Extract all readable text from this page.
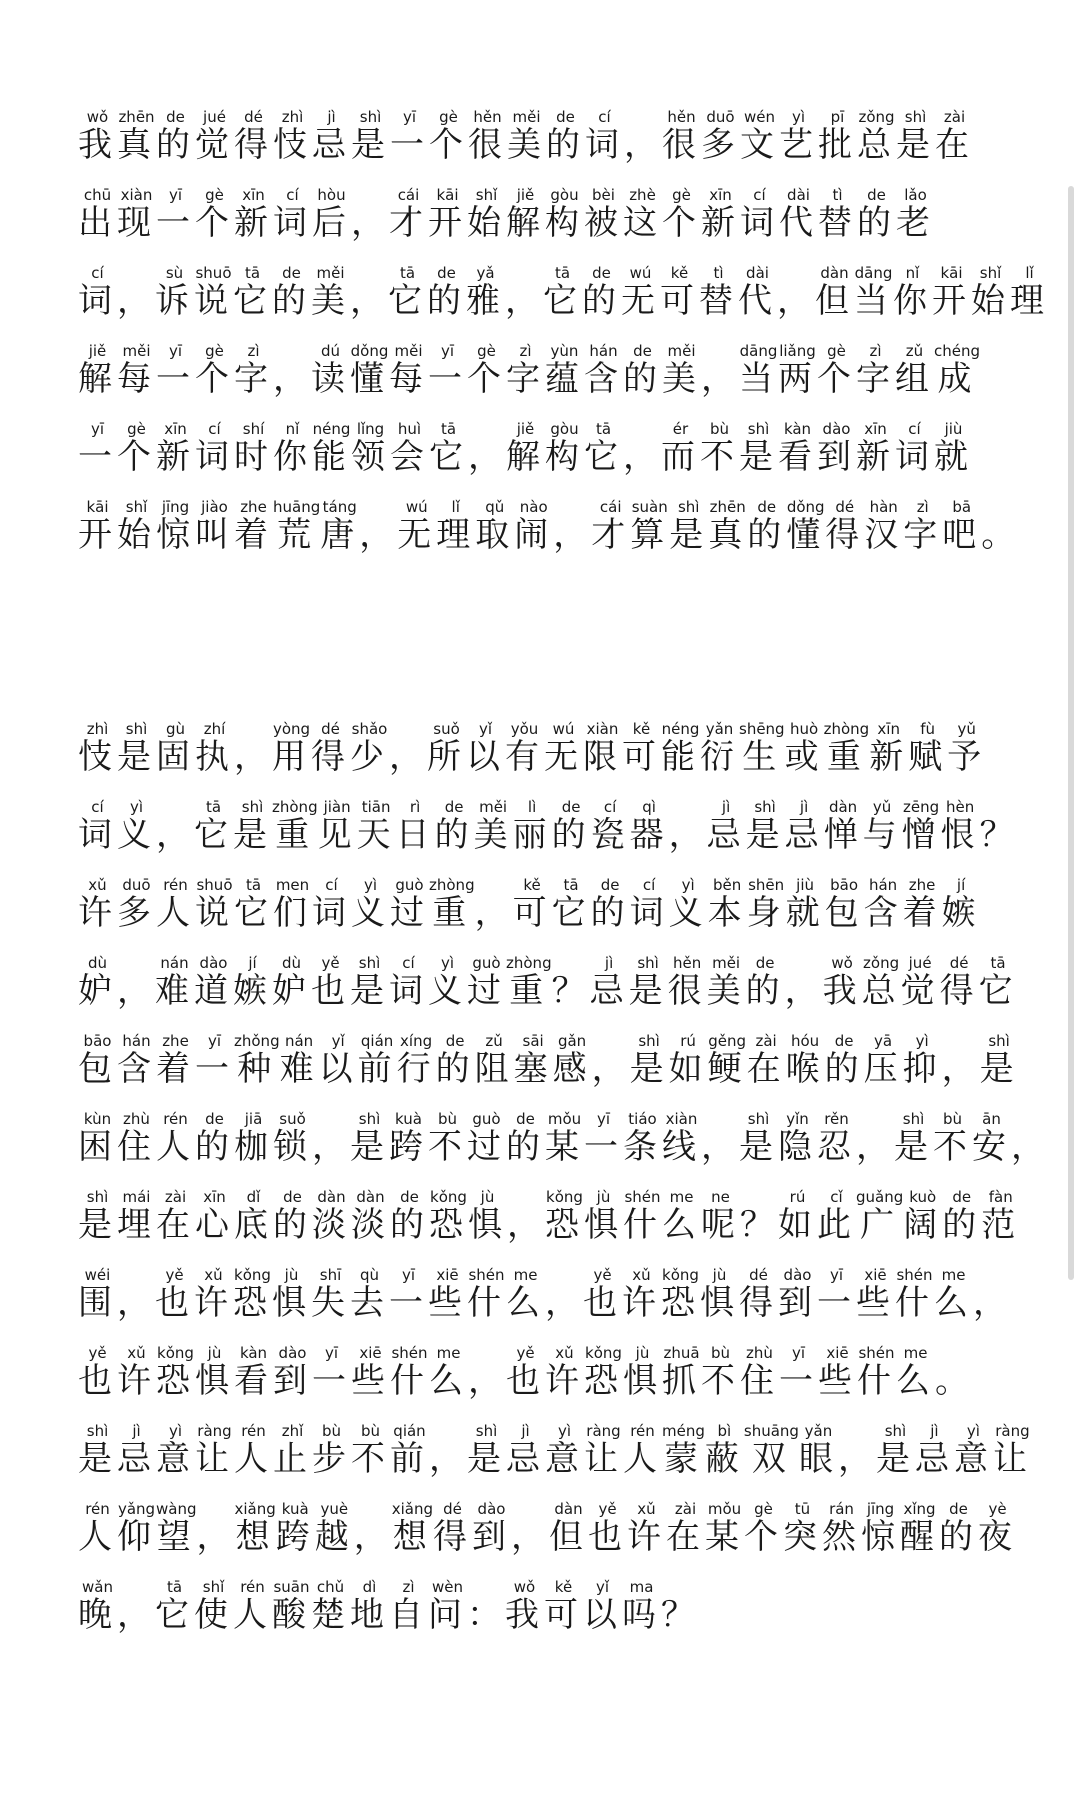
我wǒ真zhēn的de觉jué得dé忮zhì忌jì是shì一yī个gè很hěn美měi的de词cí，很hěn多duō文wén艺yì批pī总zǒng是shì在zài
出chū现xiàn一yī个gè新xīn词cí后hòu，才cái开kāi始shǐ解jiě构gòu被bèi这zhè个gè新xīn词cí代dài替tì的de老lǎo
词cí，诉sù说shuō它tā的de美měi，它tā的de雅yǎ，它tā的de无wú可kě替tì代dài，但dàn当dāng你nǐ开kāi始shǐ理lǐ
解jiě每měi一yī个gè字zì，读dú懂dǒng每měi一yī个gè字zì蕴yùn含hán的de美měi，当dāng两liǎng个gè字zì组zǔ成chéng
一yī个gè新xīn词cí时shí你nǐ能néng领lǐng会huì它tā，解jiě构gòu它tā，而ér不bù是shì看kàn到dào新xīn词cí就jiù
开kāi始shǐ惊jīng叫jiào着zhe荒huāng唐táng，无wú理lǐ取qǔ闹nào，才cái算suàn是shì真zhēn的de懂dǒng得dé汉hàn字zì吧bā。
忮zhì是shì固gù执zhí，用yòng得dé少shǎo，所suǒ以yǐ有yǒu无wú限xiàn可kě能néng衍yǎn生shēng或huò重zhòng新xīn赋fù予yǔ
词cí义yì，它tā是shì重zhòng见jiàn天tiān日rì的de美měi丽lì的de瓷cí器qì，忌jì是shì忌jì惮dàn与yǔ憎zēng恨hèn？
许xǔ多duō人rén说shuō它tā们men词cí义yì过guò重zhòng，可kě它tā的de词cí义yì本běn身shēn就jiù包bāo含hán着zhe嫉jí
妒dù，难nán道dào嫉jí妒dù也yě是shì词cí义yì过guò重zhòng？忌jì是shì很hěn美měi的de，我wǒ总zǒng觉jué得dé它tā
包bāo含hán着zhe一yī种zhǒng难nán以yǐ前qián行xíng的de阻zǔ塞sāi感gǎn，是shì如rú鲠gěng在zài喉hóu的de压yā抑yì，是shì
困kùn住zhù人rén的de枷jiā锁suǒ，是shì跨kuà不bù过guò的de某mǒu一yī条tiáo线xiàn，是shì隐yǐn忍rěn，是shì不bù安ān，
是shì埋mái在zài心xīn底dǐ的de淡dàn淡dàn的de恐kǒng惧jù，恐kǒng惧jù什shén么me呢ne？如rú此cǐ广guǎng阔kuò的de范fàn
围wéi，也yě许xǔ恐kǒng惧jù失shī去qù一yī些xiē什shén么me，也yě许xǔ恐kǒng惧jù得dé到dào一yī些xiē什shén么me，
也yě许xǔ恐kǒng惧jù看kàn到dào一yī些xiē什shén么me，也yě许xǔ恐kǒng惧jù抓zhuā不bù住zhù一yī些xiē什shén么me。
是shì忌jì意yì让ràng人rén止zhǐ步bù不bù前qián，是shì忌jì意yì让ràng人rén蒙méng蔽bì双shuāng眼yǎn，是shì忌jì意yì让ràng
人rén仰yǎng望wàng，想xiǎng跨kuà越yuè，想xiǎng得dé到dào，但dàn也yě许xǔ在zài某mǒu个gè突tū然rán惊jīng醒xǐng的de夜yè
晚wǎn，它tā使shǐ人rén酸suān楚chǔ地dì自zì问wèn：我wǒ可kě以yǐ吗ma？
